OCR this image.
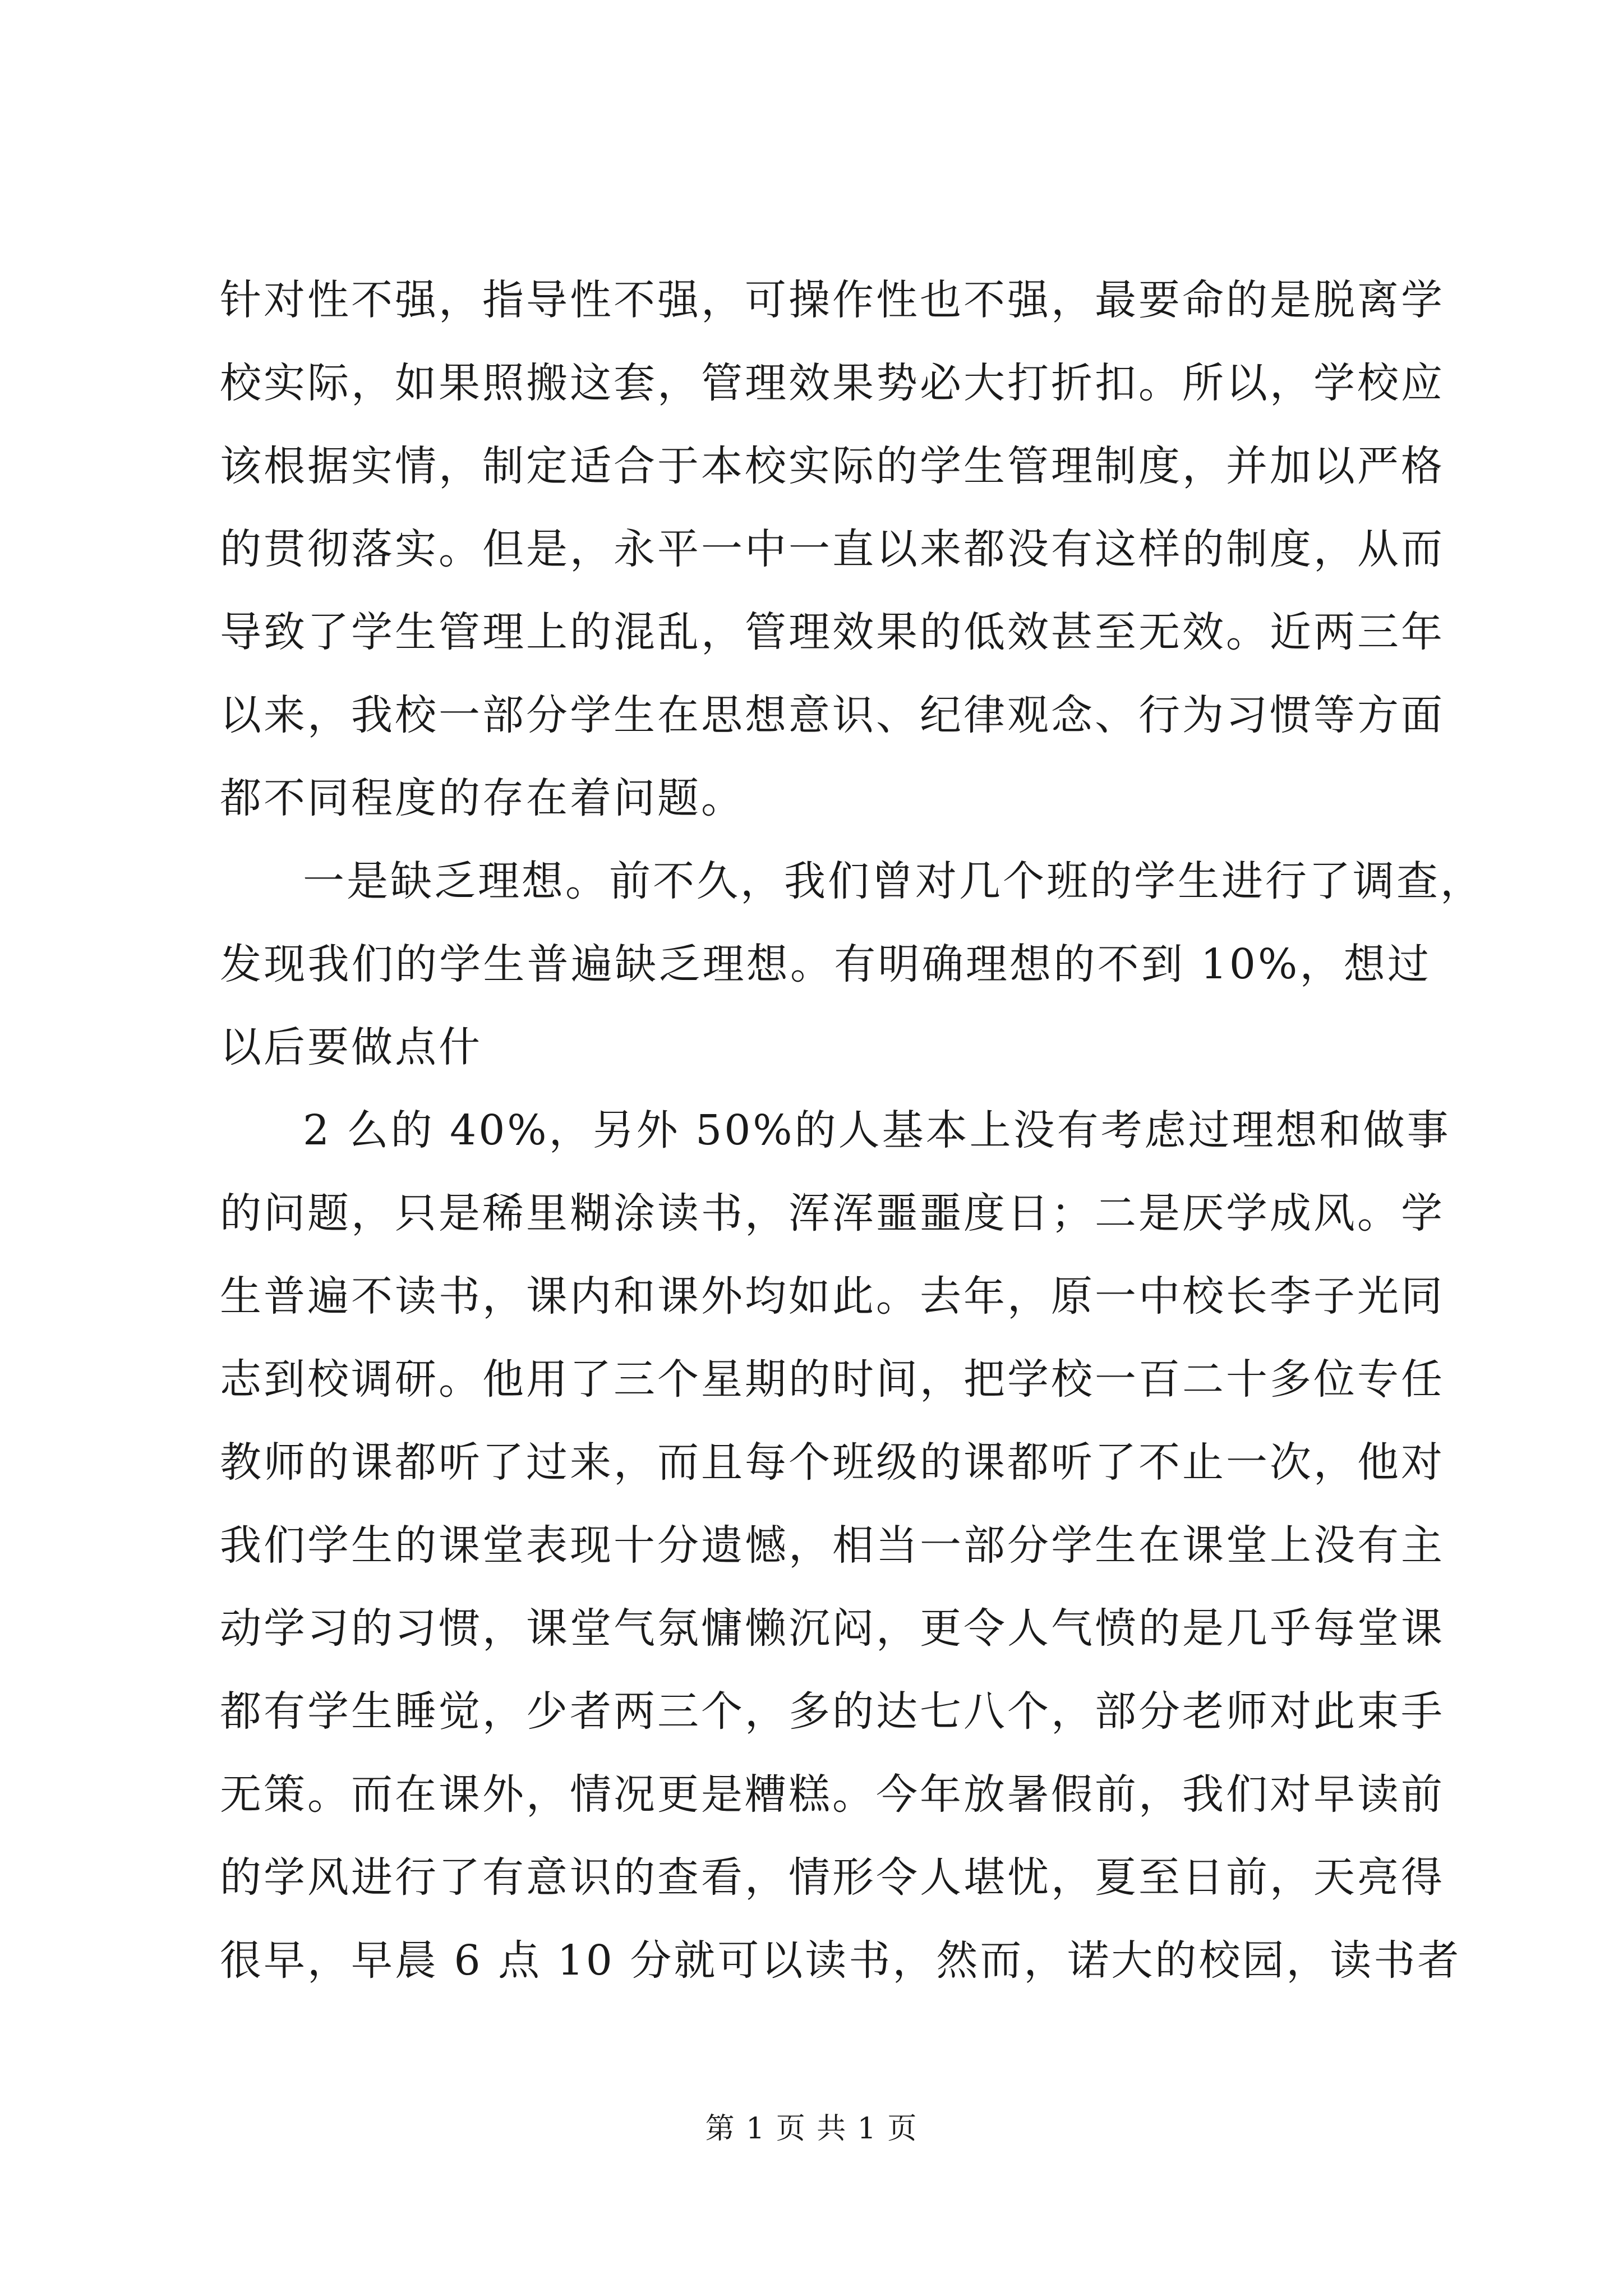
针对性不强，指导性不强，可操作性也不强，最要命的是脱离学
校实际，如果照搬这套，管理效果势必大打折扣。所以，学校应
该根据实情，制定适合于本校实际的学生管理制度，并加以严格
的贯彻落实。但是，永平一中一直以来都没有这样的制度，从而
导致了学生管理上的混乱，管理效果的低效甚至无效。近两三年
以来，我校一部分学生在思想意识、纪律观念、行为习惯等方面
都不同程度的存在着问题。
一是缺乏理想。前不久，我们曾对几个班的学生进行了调查，
发现我们的学生普遍缺乏理想。有明确理想的不到 10%，想过
以后要做点什
2 么的 40%，另外 50%的人基本上没有考虑过理想和做事
的问题，只是稀里糊涂读书，浑浑噩噩度日；二是厌学成风。学
生普遍不读书，课内和课外均如此。去年，原一中校长李子光同
志到校调研。他用了三个星期的时间，把学校一百二十多位专任
教师的课都听了过来，而且每个班级的课都听了不止一次，他对
我们学生的课堂表现十分遗憾，相当一部分学生在课堂上没有主
动学习的习惯，课堂气氛慵懒沉闷，更令人气愤的是几乎每堂课
都有学生睡觉，少者两三个，多的达七八个，部分老师对此束手
无策。而在课外，情况更是糟糕。今年放暑假前，我们对早读前
的学风进行了有意识的查看，情形令人堪忧，夏至日前，天亮得
很早，早晨 6 点 10 分就可以读书，然而，诺大的校园，读书者
第 1 页 共 1 页
